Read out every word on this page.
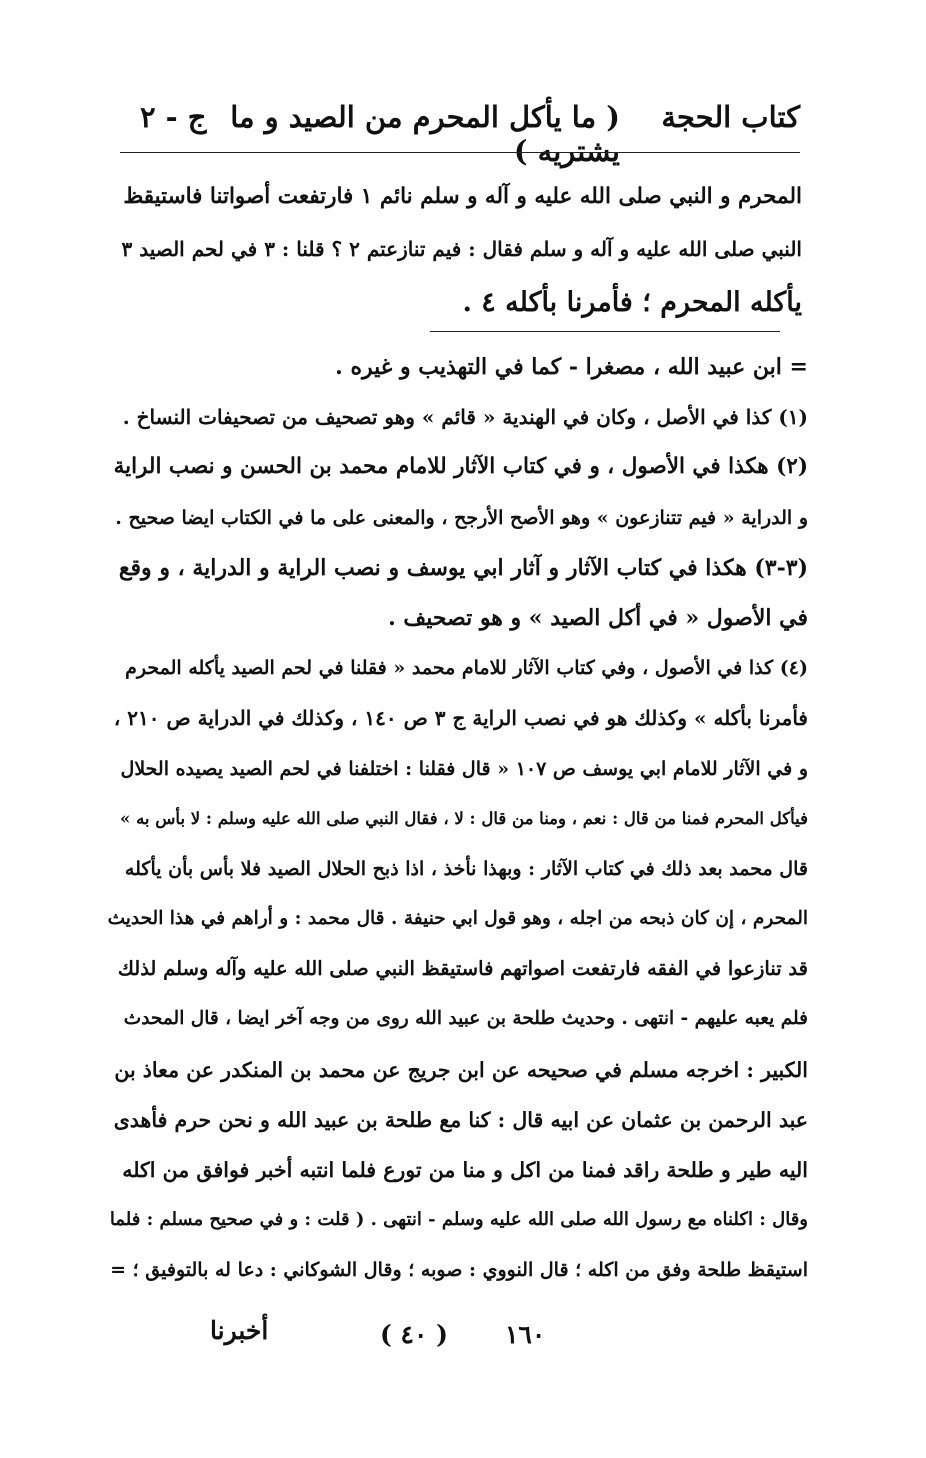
كتاب الحجة
( ما يأكل المحرم من الصيد و ما يشتريه )
ج - ٢
المحرم و النبي صلى الله عليه و آله و سلم نائم ١ فارتفعت أصواتنا فاستيقظ
النبي صلى الله عليه و آله و سلم فقال : فيم تنازعتم ٢ ؟ قلنا : ٣ في لحم الصيد ٣
يأكله المحرم ؛ فأمرنا بأكله ٤ .
= ابن عبيد الله ، مصغرا - كما في التهذيب و غيره .
(١) كذا في الأصل ، وكان في الهندية « قائم » وهو تصحيف من تصحيفات النساخ .
(٢) هكذا في الأصول ، و في كتاب الآثار للامام محمد بن الحسن و نصب الراية
و الدراية « فيم تتنازعون » وهو الأصح الأرجح ، والمعنى على ما في الكتاب ايضا صحيح .
(٣-٣) هكذا في كتاب الآثار و آثار ابي يوسف و نصب الراية و الدراية ، و وقع
في الأصول « في أكل الصيد » و هو تصحيف .
(٤) كذا في الأصول ، وفي كتاب الآثار للامام محمد « فقلنا في لحم الصيد يأكله المحرم
فأمرنا بأكله » وكذلك هو في نصب الراية ج ٣ ص ١٤٠ ، وكذلك في الدراية ص ٢١٠ ،
و في الآثار للامام ابي يوسف ص ١٠٧ « قال فقلنا : اختلفنا في لحم الصيد يصيده الحلال
فيأكل المحرم فمنا من قال : نعم ، ومنا من قال : لا ، فقال النبي صلى الله عليه وسلم : لا بأس به »
قال محمد بعد ذلك في كتاب الآثار : وبهذا نأخذ ، اذا ذبح الحلال الصيد فلا بأس بأن يأكله
المحرم ، إن كان ذبحه من اجله ، وهو قول ابي حنيفة . قال محمد : و أراهم في هذا الحديث
قد تنازعوا في الفقه فارتفعت اصواتهم فاستيقظ النبي صلى الله عليه وآله وسلم لذلك
فلم يعبه عليهم - انتهى . وحديث طلحة بن عبيد الله روى من وجه آخر ايضا ، قال المحدث
الكبير : اخرجه مسلم في صحيحه عن ابن جريج عن محمد بن المنكدر عن معاذ بن
عبد الرحمن بن عثمان عن ابيه قال : كنا مع طلحة بن عبيد الله و نحن حرم فأهدى
اليه طير و طلحة راقد فمنا من اكل و منا من تورع فلما انتبه أخبر فوافق من اكله
وقال : اكلناه مع رسول الله صلى الله عليه وسلم - انتهى . ( قلت : و في صحيح مسلم : فلما
استيقظ طلحة وفق من اكله ؛ قال النووي : صوبه ؛ وقال الشوكاني : دعا له بالتوفيق ؛ =
أخبرنا	( ٤٠ ) ١٦٠
